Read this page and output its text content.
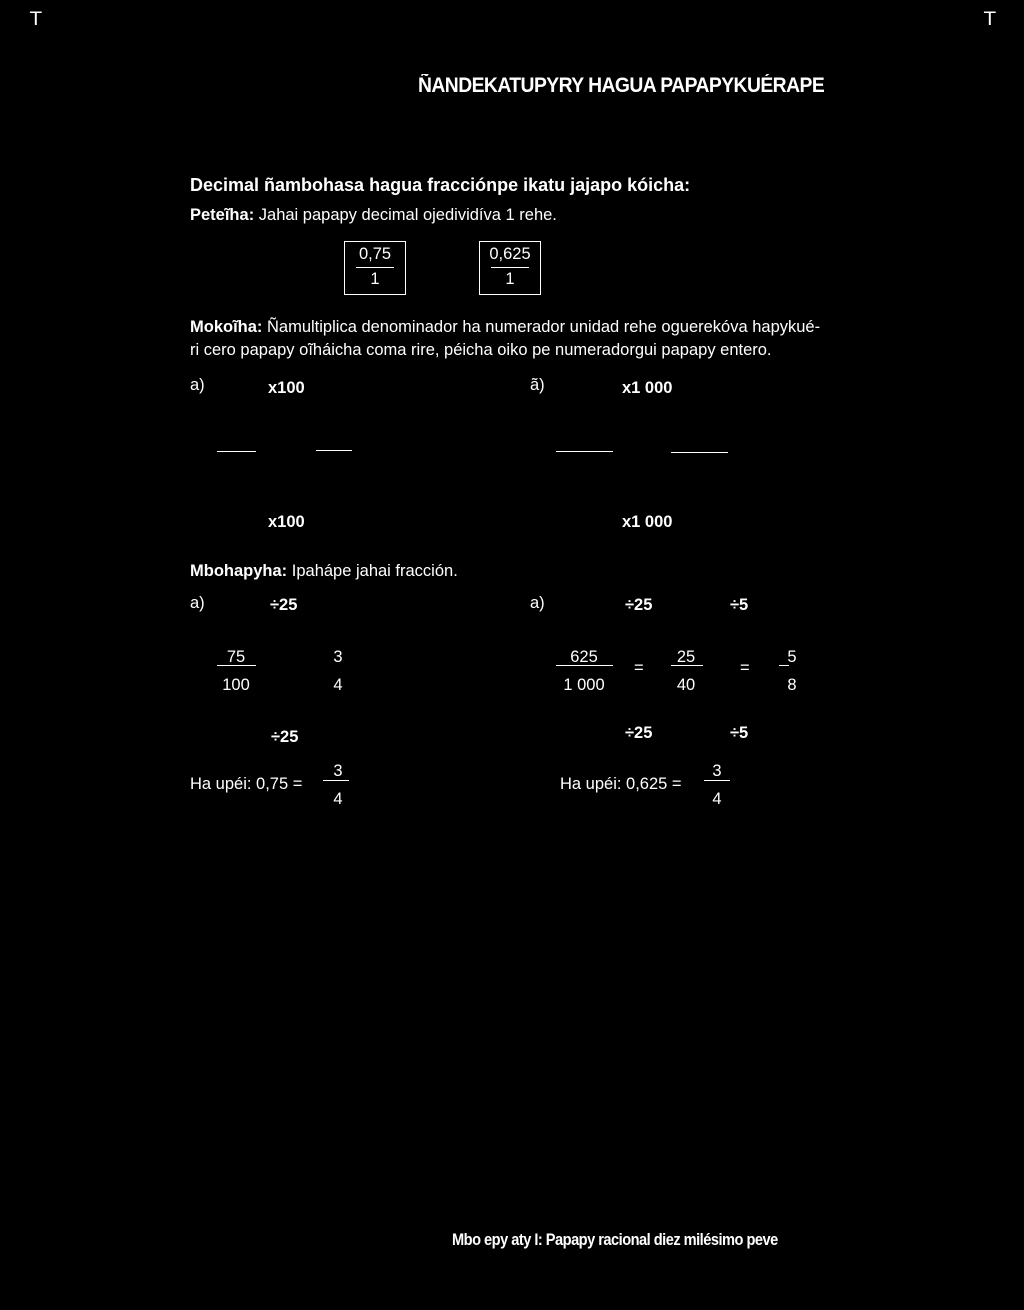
T	T
ÑANDEKATUPYRY HAGUA PAPAPYKUÉRAPE
Decimal ñambohasa hagua fracciónpe ikatu jajapo kóicha:
Peteĩha: Jahai papapy decimal ojedividíva 1 rehe.
0,75
1
0,625
1
Mokoĩha: Ñamultiplica denominador ha numerador unidad rehe oguerekóva hapykué-
ri cero papapy oĩháicha coma rire, péicha oiko pe numeradorgui papapy entero.
a)	x100	ã)	x1 000
x100	x1 000
Mbohapyha: Ipahápe jahai fracción.
a)	÷25
75
100
3
4
÷25
Ha upéi: 0,75 =
3
4
a)	÷25	÷5
625
1 000
=
25
40
=
5
8
÷25	÷5
Ha upéi: 0,625 =
3
4
Mbo epy aty I: Papapy racional diez milésimo peve
